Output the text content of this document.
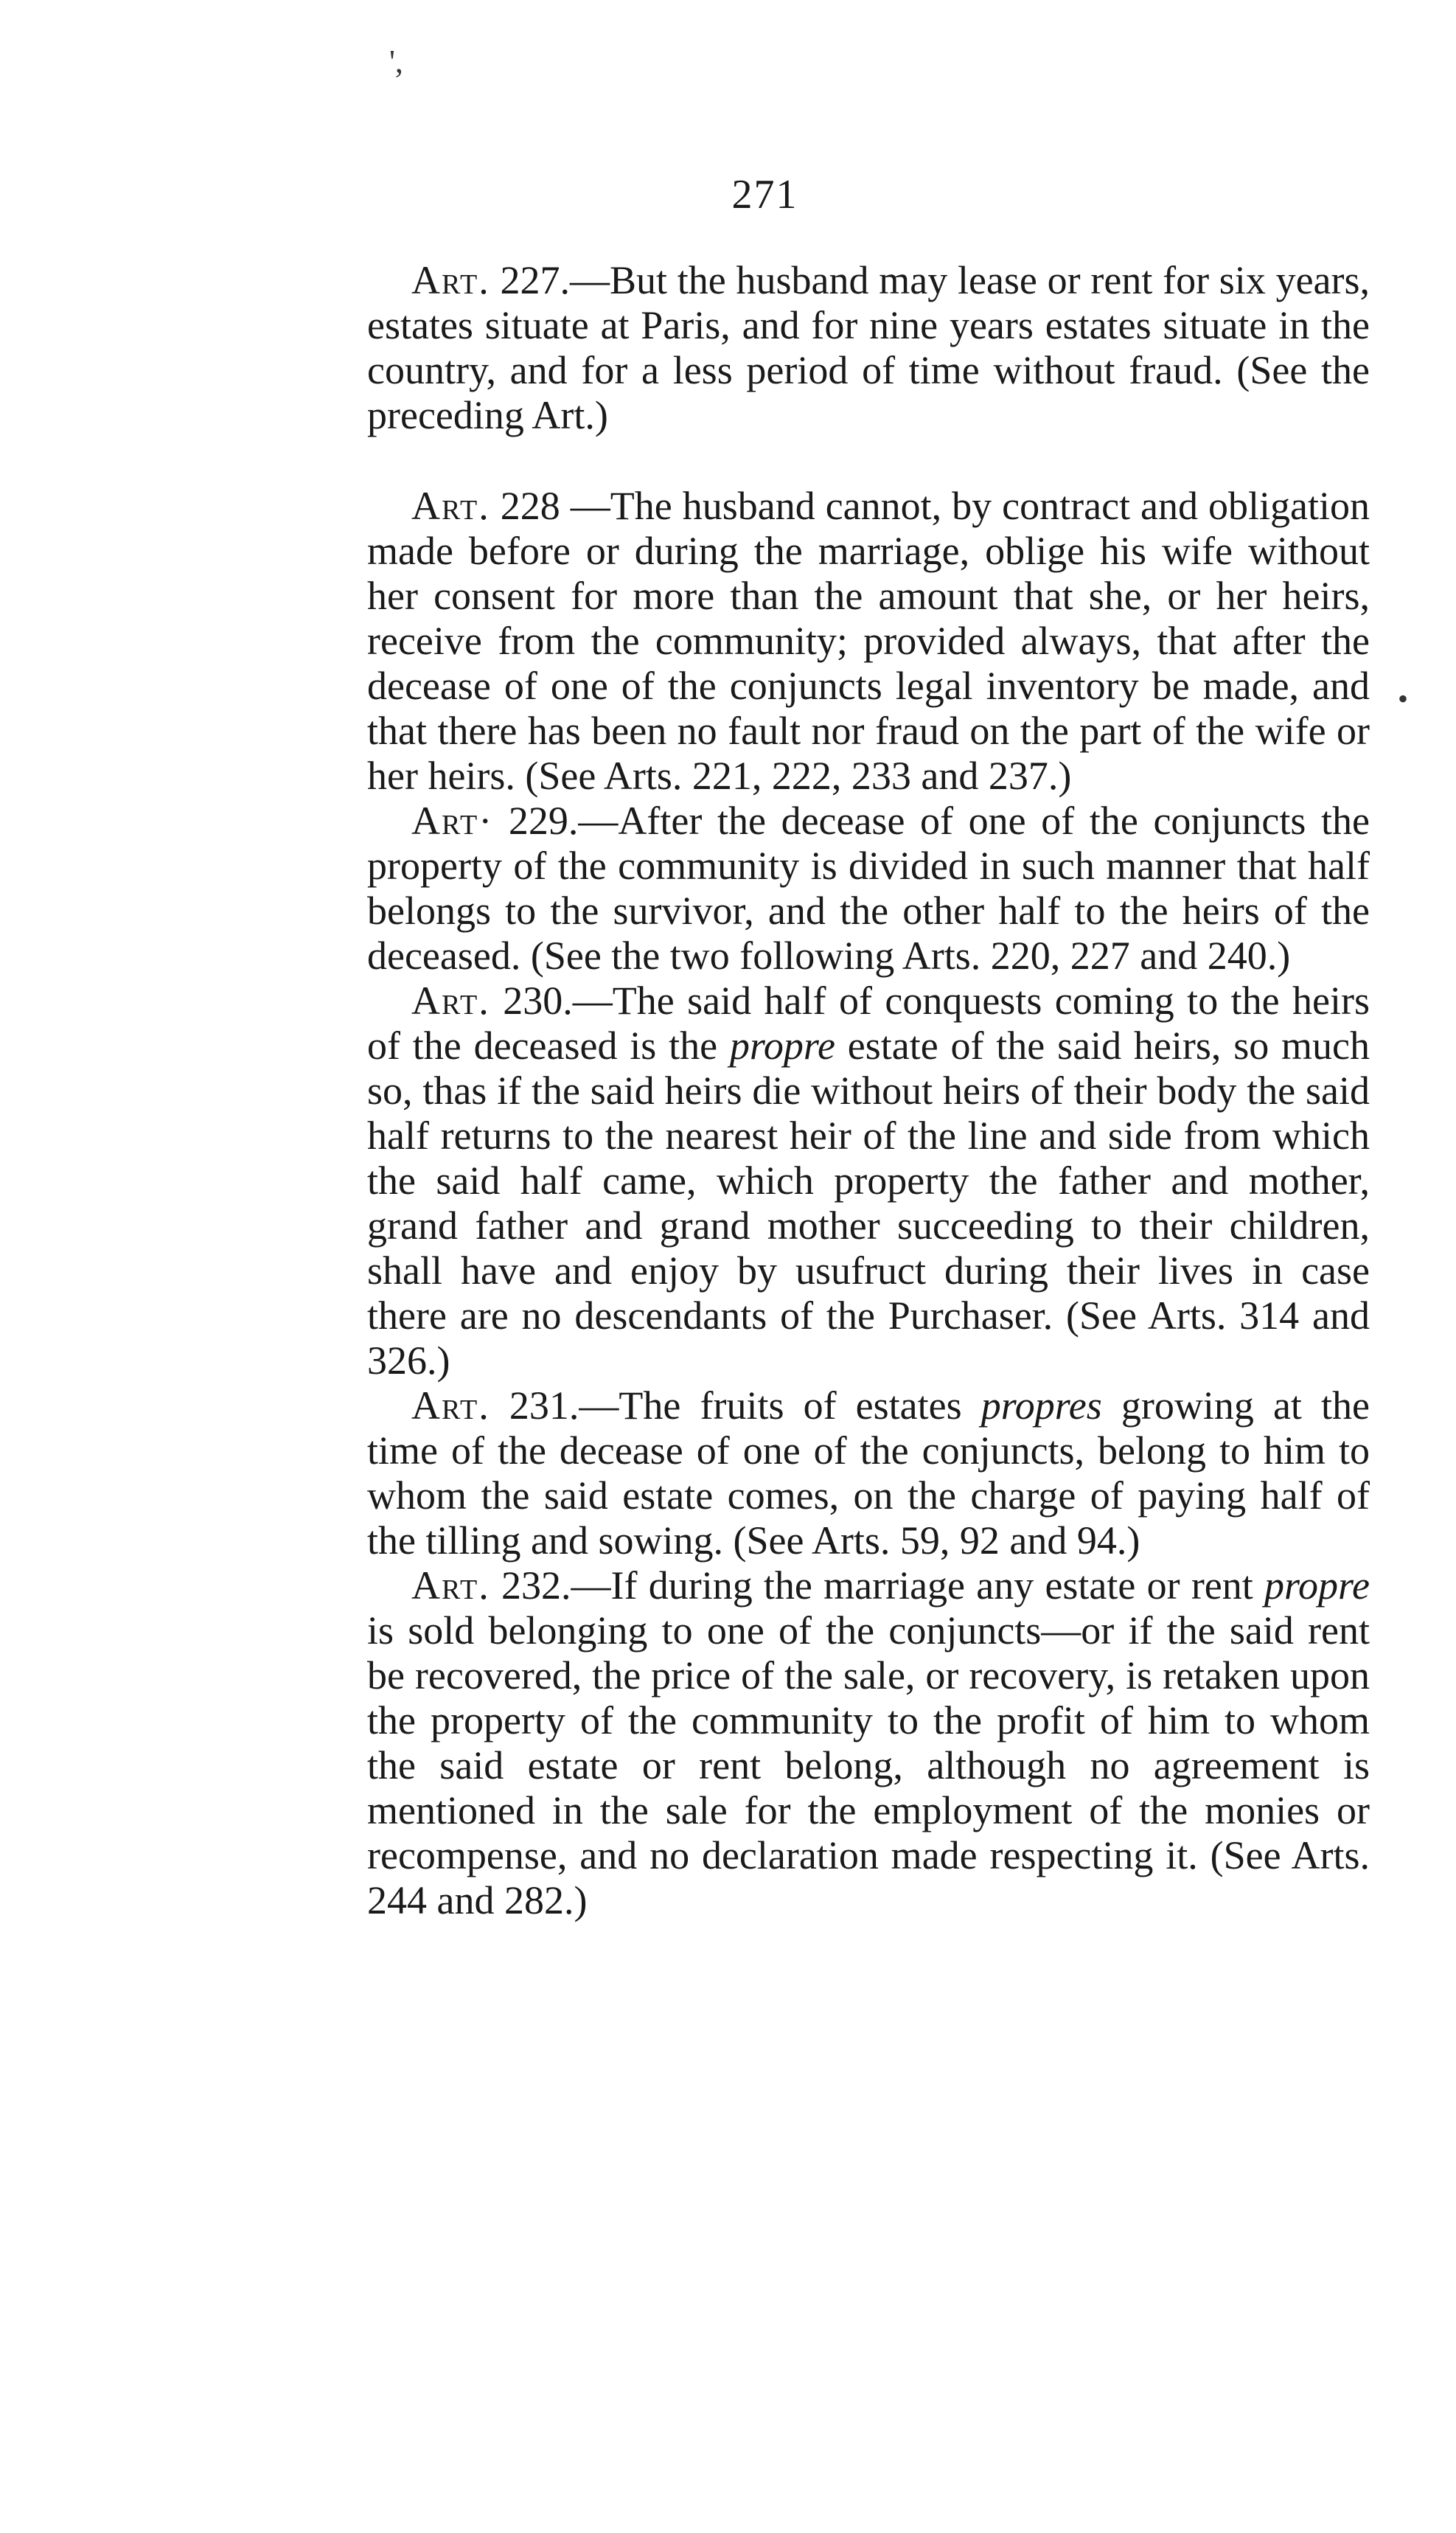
',
271
•

Art. 227.—But the husband may lease or rent for six years, estates situate at Paris, and for nine years estates situate in the country, and for a less period of time without fraud. (See the preceding Art.)

Art. 228 —The husband cannot, by contract and obligation made before or during the marriage, oblige his wife without her consent for more than the amount that she, or her heirs, receive from the community; provided always, that after the decease of one of the conjuncts legal inventory be made, and that there has been no fault nor fraud on the part of the wife or her heirs. (See Arts. 221, 222, 233 and 237.)

Art· 229.—After the decease of one of the conjuncts the property of the community is divided in such manner that half belongs to the survivor, and the other half to the heirs of the deceased. (See the two following Arts. 220, 227 and 240.)

Art. 230.—The said half of conquests coming to the heirs of the deceased is the propre estate of the said heirs, so much so, thas if the said heirs die without heirs of their body the said half returns to the nearest heir of the line and side from which the said half came, which property the father and mother, grand father and grand mother succeeding to their children, shall have and enjoy by usufruct during their lives in case there are no descendants of the Purchaser. (See Arts. 314 and 326.)

Art. 231.—The fruits of estates propres growing at the time of the decease of one of the conjuncts, belong to him to whom the said estate comes, on the charge of paying half of the tilling and sowing. (See Arts. 59, 92 and 94.)

Art. 232.—If during the marriage any estate or rent propre is sold belonging to one of the conjuncts—or if the said rent be recovered, the price of the sale, or recovery, is retaken upon the property of the community to the profit of him to whom the said estate or rent belong, although no agreement is mentioned in the sale for the employment of the monies or recompense, and no declaration made respecting it. (See Arts. 244 and 282.)
